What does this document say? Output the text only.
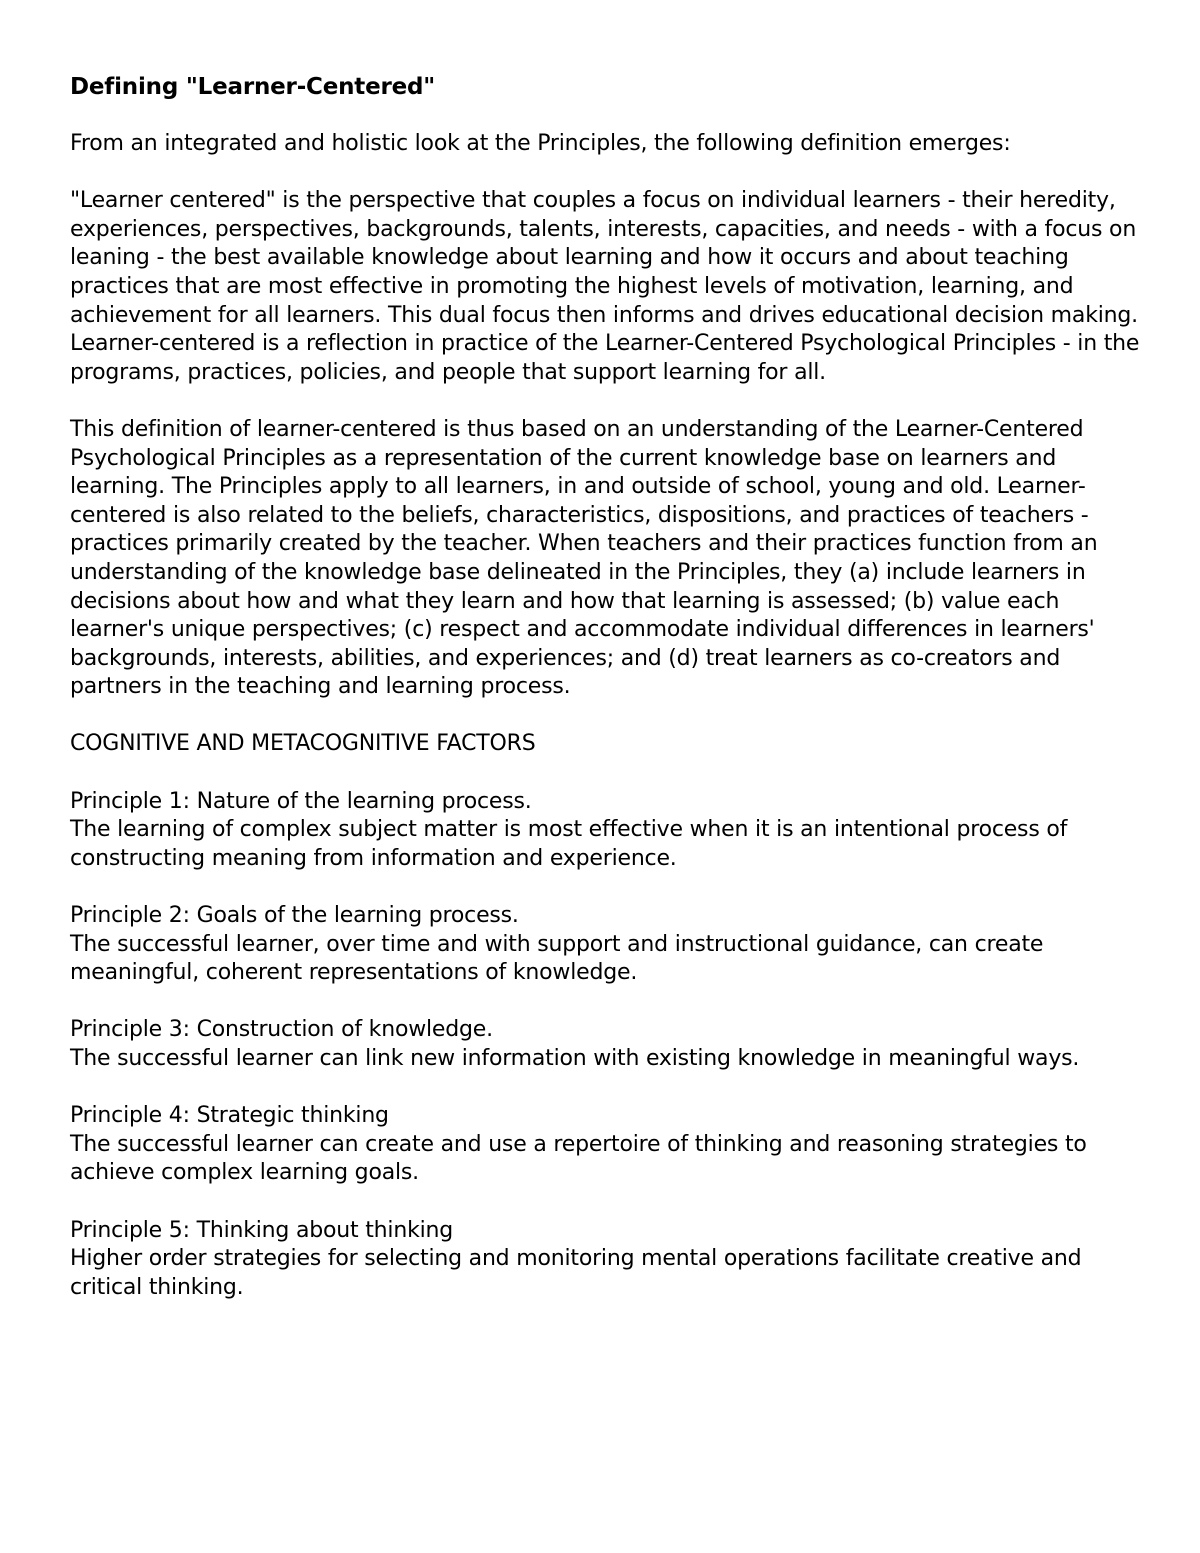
Defining "Learner-Centered"

From an integrated and holistic look at the Principles, the following definition emerges:

"Learner centered" is the perspective that couples a focus on individual learners - their heredity, experiences, perspectives, backgrounds, talents, interests, capacities, and needs - with a focus on leaning - the best available knowledge about learning and how it occurs and about teaching practices that are most effective in promoting the highest levels of motivation, learning, and achievement for all learners. This dual focus then informs and drives educational decision making. Learner-centered is a reflection in practice of the Learner-Centered Psychological Principles - in the programs, practices, policies, and people that support learning for all.

This definition of learner-centered is thus based on an understanding of the Learner-Centered Psychological Principles as a representation of the current knowledge base on learners and learning. The Principles apply to all learners, in and outside of school, young and old. Learner-centered is also related to the beliefs, characteristics, dispositions, and practices of teachers - practices primarily created by the teacher. When teachers and their practices function from an understanding of the knowledge base delineated in the Principles, they (a) include learners in decisions about how and what they learn and how that learning is assessed; (b) value each learner's unique perspectives; (c) respect and accommodate individual differences in learners' backgrounds, interests, abilities, and experiences; and (d) treat learners as co-creators and partners in the teaching and learning process.

COGNITIVE AND METACOGNITIVE FACTORS

Principle 1: Nature of the learning process.
The learning of complex subject matter is most effective when it is an intentional process of constructing meaning from information and experience.
Principle 2: Goals of the learning process.
The successful learner, over time and with support and instructional guidance, can create meaningful, coherent representations of knowledge.
Principle 3: Construction of knowledge.
The successful learner can link new information with existing knowledge in meaningful ways.
Principle 4: Strategic thinking
The successful learner can create and use a repertoire of thinking and reasoning strategies to achieve complex learning goals.
Principle 5: Thinking about thinking
Higher order strategies for selecting and monitoring mental operations facilitate creative and critical thinking.
